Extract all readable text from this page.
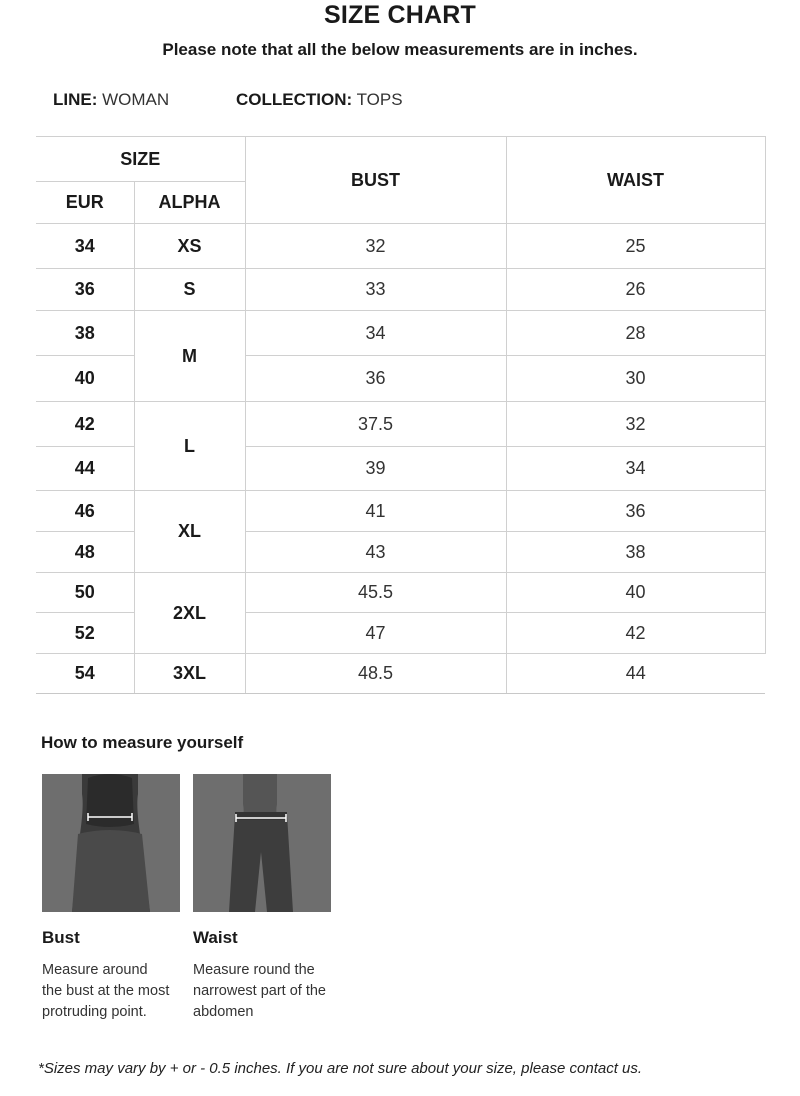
SIZE CHART
Please note that all the below measurements are in inches.
LINE: WOMAN	COLLECTION: TOPS
SIZE		BUST	WAIST
EUR	ALPHA		
34	XS	32	25
36	S	33	26
38	M	34	28
40		36	30
42	L	37.5	32
44		39	34
46	XL	41	36
48		43	38
50	2XL	45.5	40
52		47	42
54	3XL	48.5	44
How to measure yourself
Bust
Measure around
the bust at the most
protruding point.
Waist
Measure round the
narrowest part of the
abdomen
*Sizes may vary by + or - 0.5 inches. If you are not sure about your size, please contact us.
